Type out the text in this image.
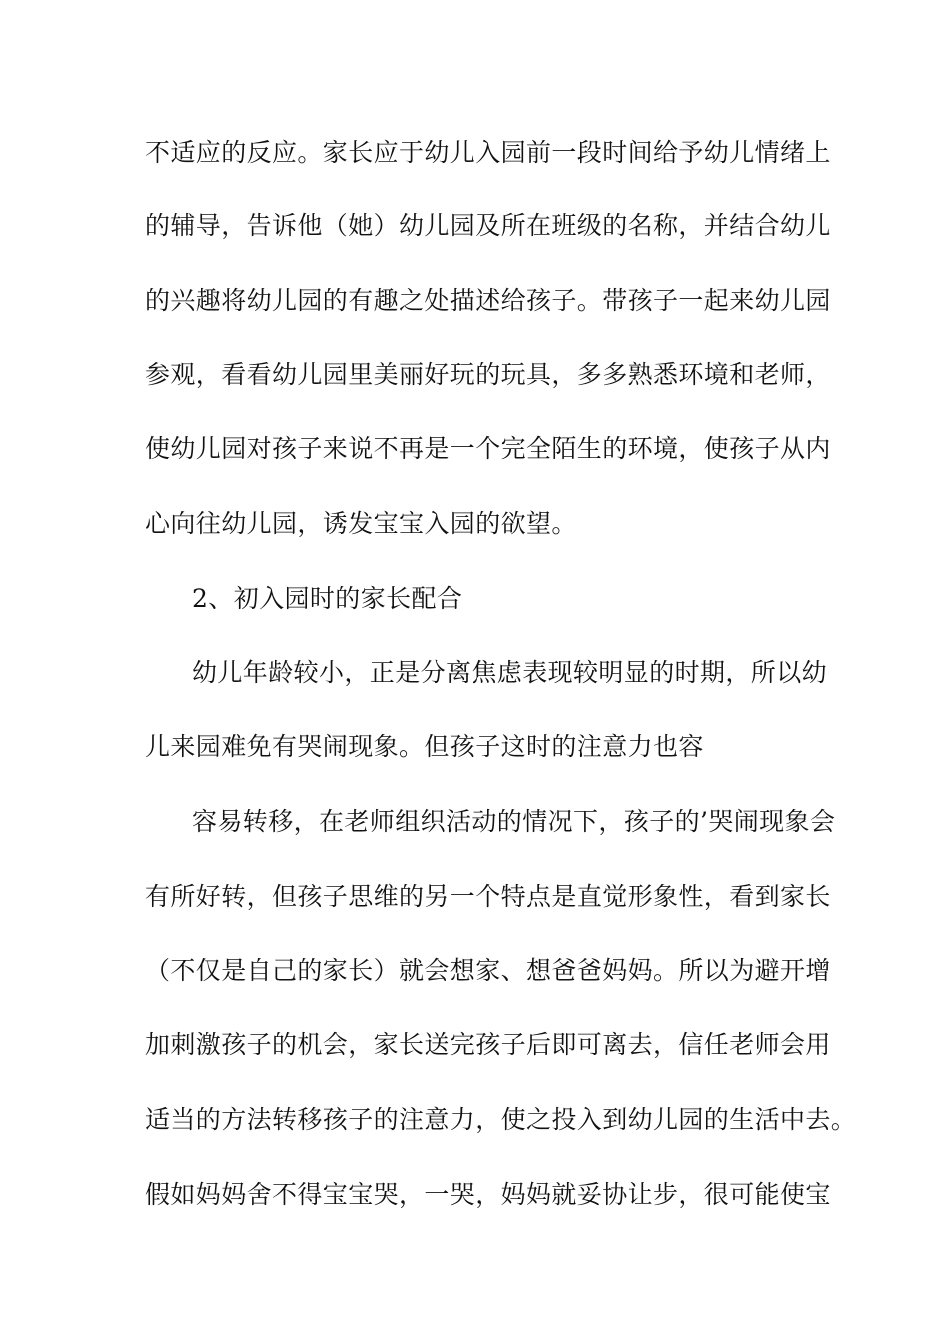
不适应的反应。家长应于幼儿入园前一段时间给予幼儿情绪上
的辅导，告诉他（她）幼儿园及所在班级的名称，并结合幼儿
的兴趣将幼儿园的有趣之处描述给孩子。带孩子一起来幼儿园
参观，看看幼儿园里美丽好玩的玩具，多多熟悉环境和老师，
使幼儿园对孩子来说不再是一个完全陌生的环境，使孩子从内
心向往幼儿园，诱发宝宝入园的欲望。
2、初入园时的家长配合
幼儿年龄较小，正是分离焦虑表现较明显的时期，所以幼
儿来园难免有哭闹现象。但孩子这时的注意力也容
容易转移，在老师组织活动的情况下，孩子的’哭闹现象会
有所好转，但孩子思维的另一个特点是直觉形象性，看到家长
（不仅是自己的家长）就会想家、想爸爸妈妈。所以为避开增
加刺激孩子的机会，家长送完孩子后即可离去，信任老师会用
适当的方法转移孩子的注意力，使之投入到幼儿园的生活中去。
假如妈妈舍不得宝宝哭，一哭，妈妈就妥协让步，很可能使宝
